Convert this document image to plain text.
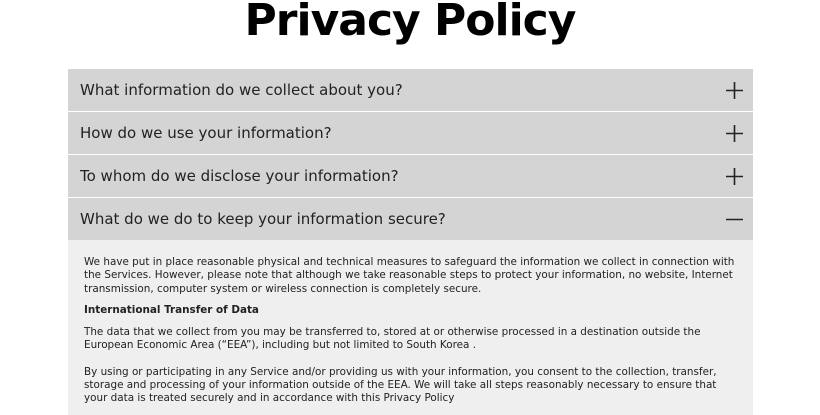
Privacy Policy
What information do we collect about you?
How do we use your information?
To whom do we disclose your information?
What do we do to keep your information secure?

We have put in place reasonable physical and technical measures to safeguard the information we collect in connection with the Services. However, please note that although we take reasonable steps to protect your information, no website, Internet transmission, computer system or wireless connection is completely secure.

International Transfer of Data

The data that we collect from you may be transferred to, stored at or otherwise processed in a destination outside the European Economic Area (“EEA”), including but not limited to South Korea .

By using or participating in any Service and/or providing us with your information, you consent to the collection, transfer, storage and processing of your information outside of the EEA. We will take all steps reasonably necessary to ensure that your data is treated securely and in accordance with this Privacy Policy
